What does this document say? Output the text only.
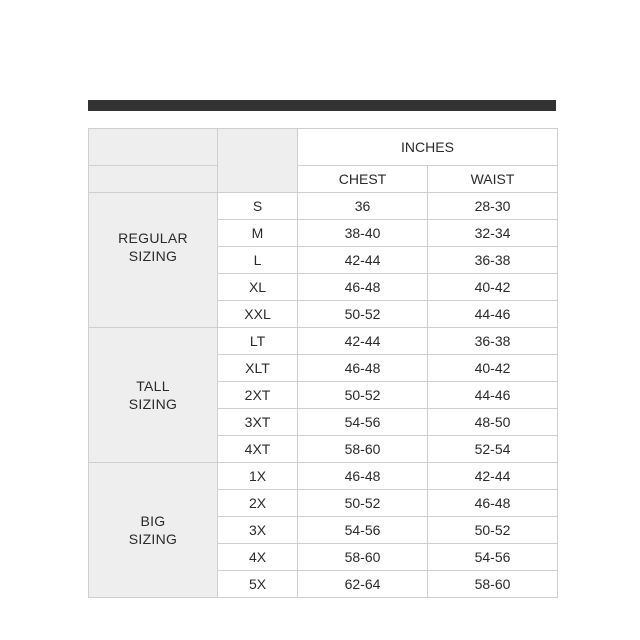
		INCHES	
		CHEST	WAIST

REGULAR
SIZING	S	36	28-30
	M	38-40	32-34
	L	42-44	36-38
	XL	46-48	40-42
	XXL	50-52	44-46

TALL
SIZING	LT	42-44	36-38
	XLT	46-48	40-42
	2XT	50-52	44-46
	3XT	54-56	48-50
	4XT	58-60	52-54

BIG
SIZING	1X	46-48	42-44
	2X	50-52	46-48
	3X	54-56	50-52
	4X	58-60	54-56
	5X	62-64	58-60
